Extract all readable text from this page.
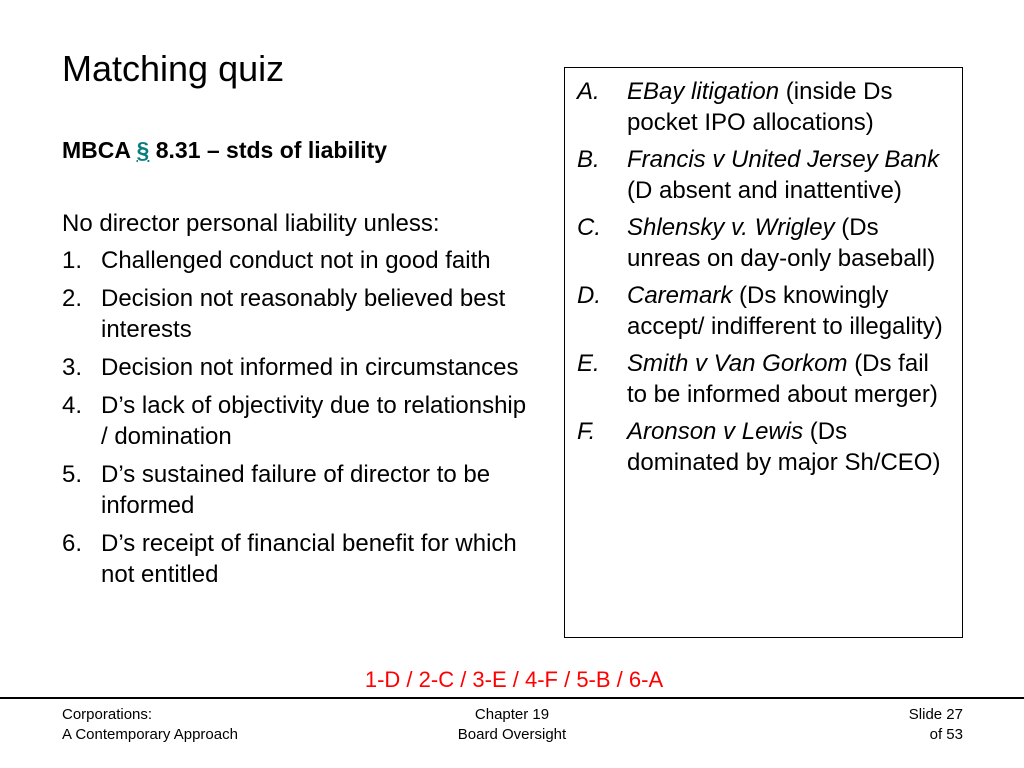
Matching quiz
MBCA § 8.31 – stds of liability
No director personal liability unless:
1. Challenged conduct not in good faith
2. Decision not reasonably believed best interests
3. Decision not informed in circumstances
4. D’s lack of objectivity due to relationship / domination
5. D’s sustained failure of director to be informed
6. D’s receipt of financial benefit for which not entitled
A.	EBay litigation (inside Ds pocket IPO allocations)
B.	Francis v United Jersey Bank (D absent and inattentive)
C.	Shlensky v. Wrigley (Ds unreas on day-only baseball)
D.	Caremark (Ds knowingly accept/ indifferent to illegality)
E.	Smith v Van Gorkom (Ds fail to be informed about merger)
F.	Aronson v Lewis (Ds dominated by major Sh/CEO)
1-D / 2-C / 3-E / 4-F / 5-B / 6-A
Corporations:
A Contemporary Approach
Chapter 19
Board Oversight
Slide 27
of 53
